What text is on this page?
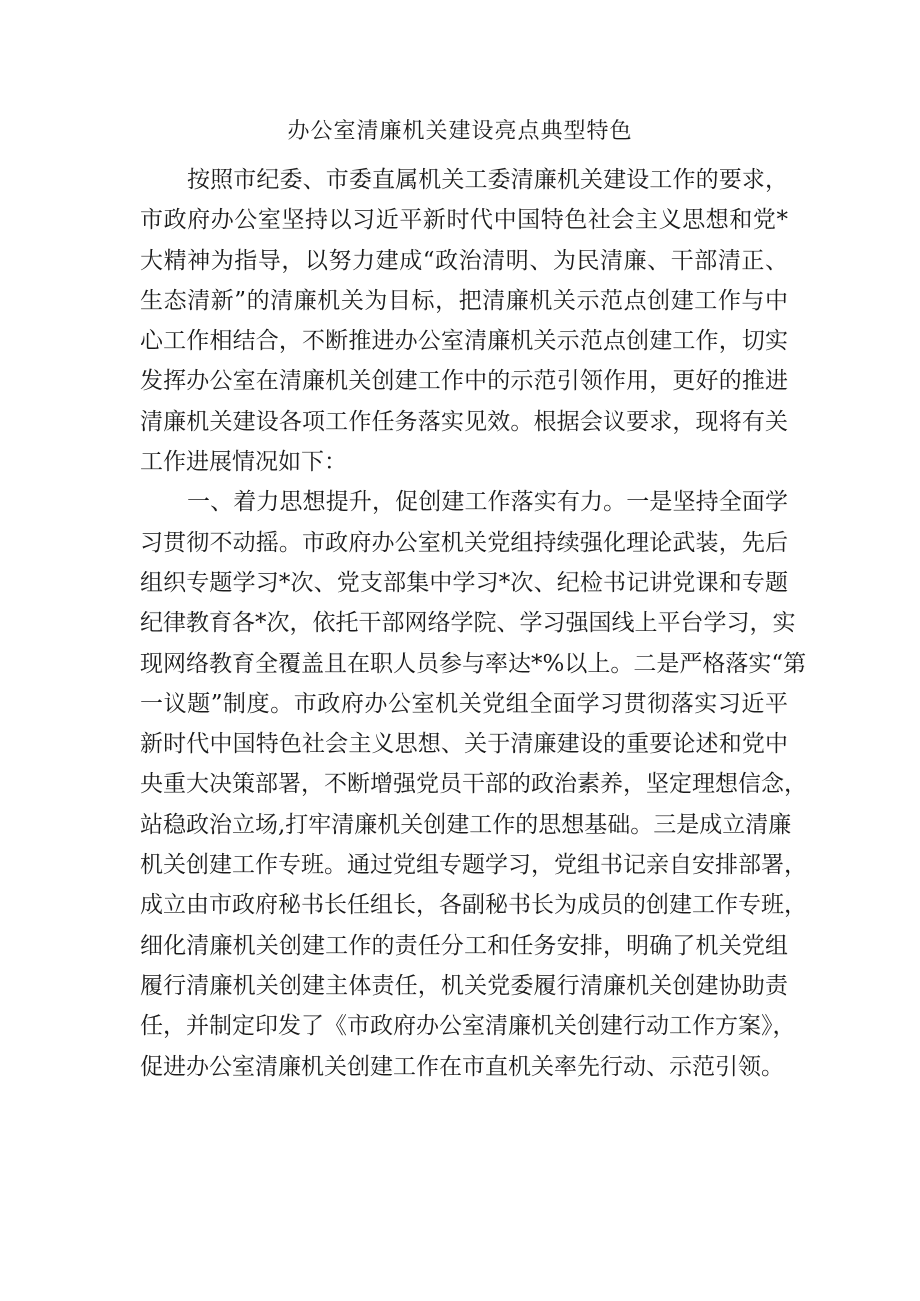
办公室清廉机关建设亮点典型特色
按照市纪委、市委直属机关工委清廉机关建设工作的要求，
市政府办公室坚持以习近平新时代中国特色社会主义思想和党*
大精神为指导，以努力建成“政治清明、为民清廉、干部清正、
生态清新”的清廉机关为目标，把清廉机关示范点创建工作与中
心工作相结合，不断推进办公室清廉机关示范点创建工作，切实
发挥办公室在清廉机关创建工作中的示范引领作用，更好的推进
清廉机关建设各项工作任务落实见效。根据会议要求，现将有关
工作进展情况如下：
一、着力思想提升，促创建工作落实有力。一是坚持全面学
习贯彻不动摇。市政府办公室机关党组持续强化理论武装，先后
组织专题学习*次、党支部集中学习*次、纪检书记讲党课和专题
纪律教育各*次，依托干部网络学院、学习强国线上平台学习，实
现网络教育全覆盖且在职人员参与率达*%以上。二是严格落实“第
一议题”制度。市政府办公室机关党组全面学习贯彻落实习近平
新时代中国特色社会主义思想、关于清廉建设的重要论述和党中
央重大决策部署，不断增强党员干部的政治素养，坚定理想信念，
站稳政治立场,打牢清廉机关创建工作的思想基础。三是成立清廉
机关创建工作专班。通过党组专题学习，党组书记亲自安排部署，
成立由市政府秘书长任组长，各副秘书长为成员的创建工作专班，
细化清廉机关创建工作的责任分工和任务安排，明确了机关党组
履行清廉机关创建主体责任，机关党委履行清廉机关创建协助责
任，并制定印发了《市政府办公室清廉机关创建行动工作方案》，
促进办公室清廉机关创建工作在市直机关率先行动、示范引领。
